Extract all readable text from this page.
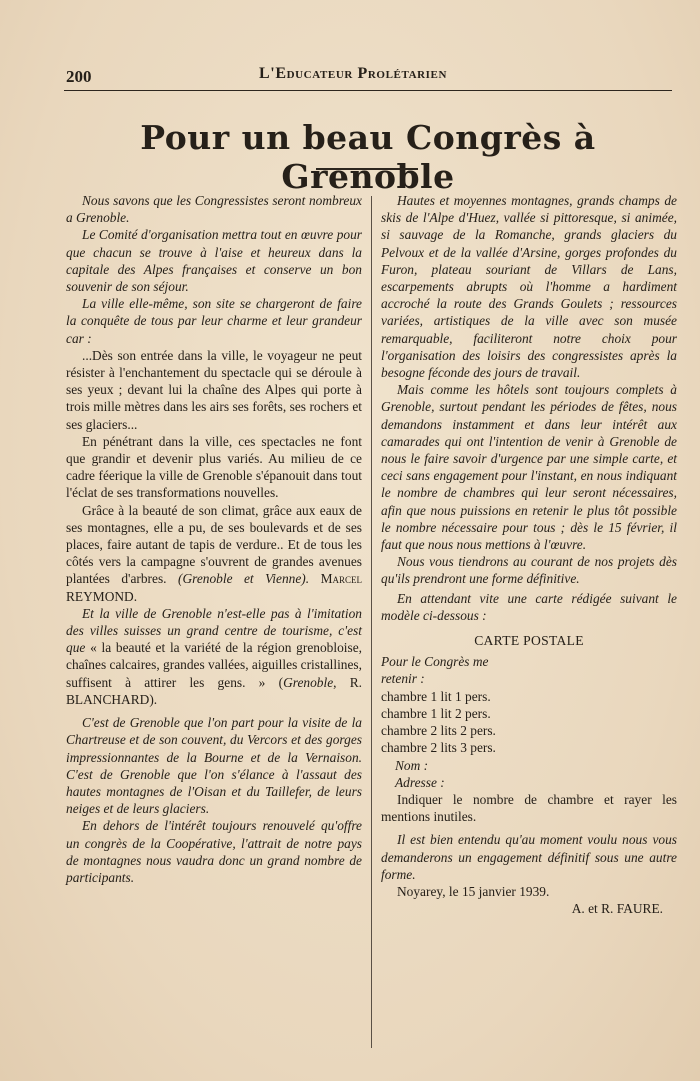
200	L'Educateur Prolétarien
Pour un beau Congrès à Grenoble

Nous savons que les Congressistes seront nombreux a Grenoble.

Le Comité d'organisation mettra tout en œuvre pour que chacun se trouve à l'aise et heureux dans la capitale des Alpes françaises et conserve un bon souvenir de son séjour.

La ville elle-même, son site se chargeront de faire la conquête de tous par leur charme et leur grandeur car :

...Dès son entrée dans la ville, le voyageur ne peut résister à l'enchantement du spectacle qui se déroule à ses yeux ; devant lui la chaîne des Alpes qui porte à trois mille mètres dans les airs ses forêts, ses rochers et ses glaciers...

En pénétrant dans la ville, ces spectacles ne font que grandir et devenir plus variés. Au milieu de ce cadre féerique la ville de Grenoble s'épanouit dans tout l'éclat de ses transformations nouvelles.

Grâce à la beauté de son climat, grâce aux eaux de ses montagnes, elle a pu, de ses boulevards et de ses places, faire autant de tapis de verdure.. Et de tous les côtés vers la campagne s'ouvrent de grandes avenues plantées d'arbres. (Grenoble et Vienne). Marcel REYMOND.

Et la ville de Grenoble n'est-elle pas à l'imitation des villes suisses un grand centre de tourisme, c'est que « la beauté et la variété de la région grenobloise, chaînes calcaires, grandes vallées, aiguilles cristallines, suffisent à attirer les gens. » (Grenoble, R. BLANCHARD).

C'est de Grenoble que l'on part pour la visite de la Chartreuse et de son couvent, du Vercors et des gorges impressionnantes de la Bourne et de la Vernaison. C'est de Grenoble que l'on s'élance à l'assaut des hautes montagnes de l'Oisan et du Taillefer, de leurs neiges et de leurs glaciers.

En dehors de l'intérêt toujours renouvelé qu'offre un congrès de la Coopérative, l'attrait de notre pays de montagnes nous vaudra donc un grand nombre de participants.

Hautes et moyennes montagnes, grands champs de skis de l'Alpe d'Huez, vallée si pittoresque, si animée, si sauvage de la Romanche, grands glaciers du Pelvoux et de la vallée d'Arsine, gorges profondes du Furon, plateau souriant de Villars de Lans, escarpements abrupts où l'homme a hardiment accroché la route des Grands Goulets ; ressources variées, artistiques de la ville avec son musée remarquable, faciliteront notre choix pour l'organisation des loisirs des congressistes après la besogne féconde des jours de travail.

Mais comme les hôtels sont toujours complets à Grenoble, surtout pendant les périodes de fêtes, nous demandons instamment et dans leur intérêt aux camarades qui ont l'intention de venir à Grenoble de nous le faire savoir d'urgence par une simple carte, et ceci sans engagement pour l'instant, en nous indiquant le nombre de chambres qui leur seront nécessaires, afin que nous puissions en retenir le plus tôt possible le nombre nécessaire pour tous ; dès le 15 février, il faut que nous nous mettions à l'œuvre.

Nous vous tiendrons au courant de nos projets dès qu'ils prendront une forme définitive.

En attendant vite une carte rédigée suivant le modèle ci-dessous :

CARTE POSTALE

Pour le Congrès me

retenir :

chambre 1 lit 1 pers.

chambre 1 lit 2 pers.

chambre 2 lits 2 pers.

chambre 2 lits 3 pers.

Nom :

Adresse :

Indiquer le nombre de chambre et rayer les mentions inutiles.

Il est bien entendu qu'au moment voulu nous vous demanderons un engagement définitif sous une autre forme.

Noyarey, le 15 janvier 1939.

A. et R. FAURE.
